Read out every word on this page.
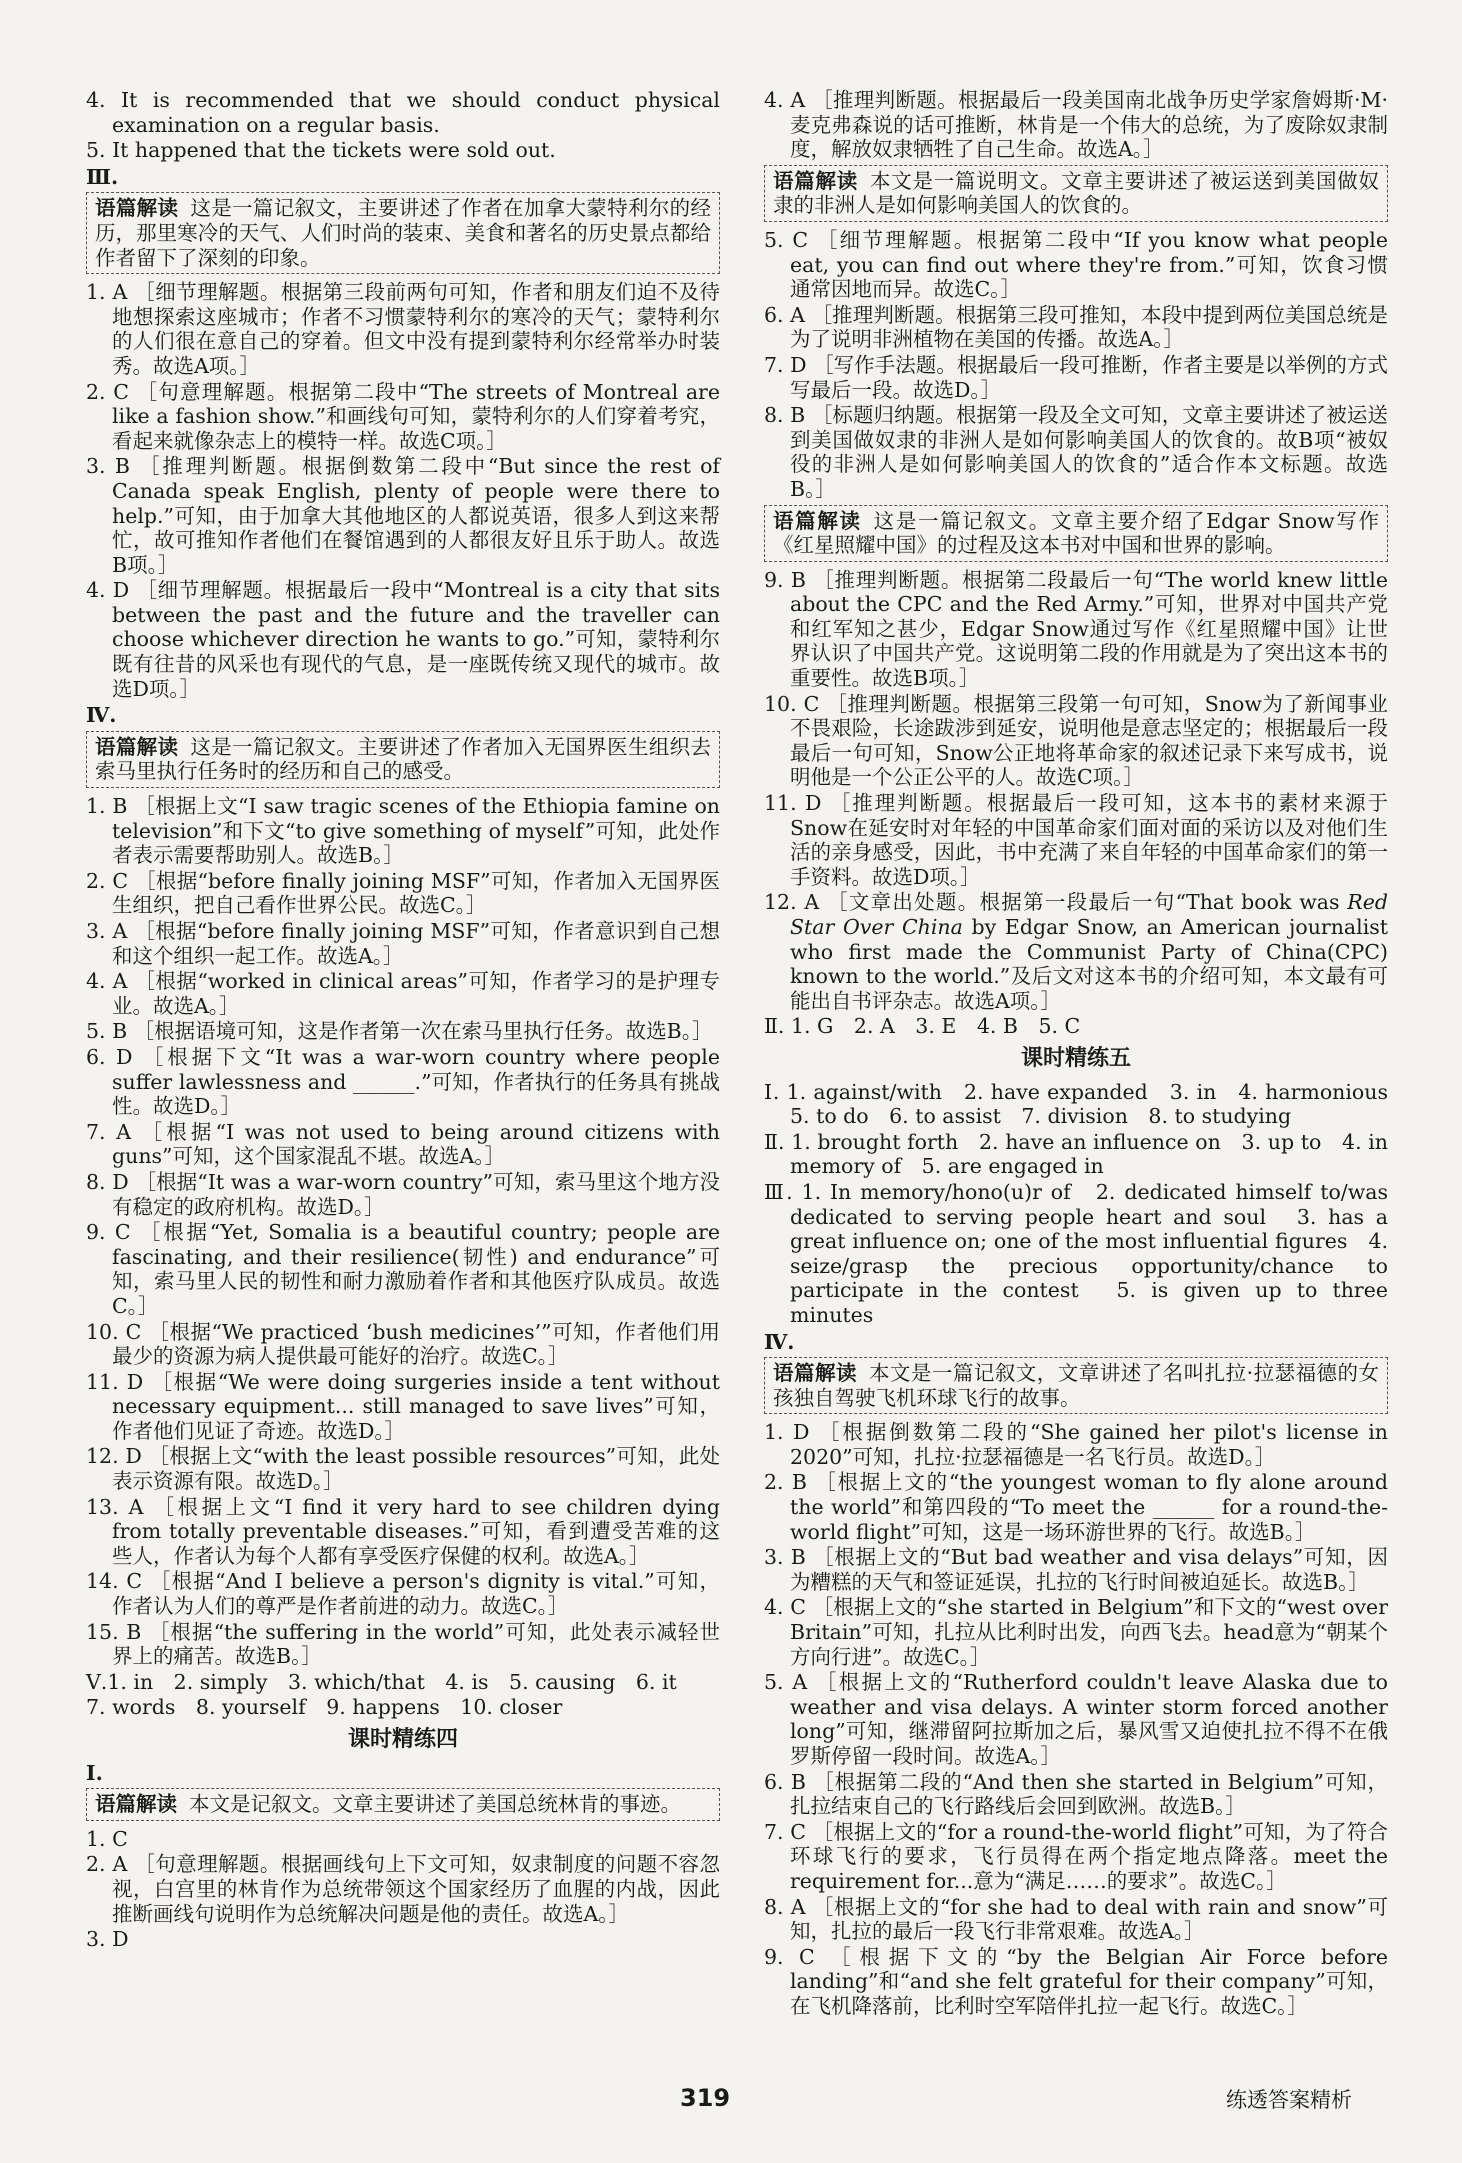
4. It is recommended that we should conduct physical examination on a regular basis.

5. It happened that the tickets were sold out.

Ⅲ.

语篇解读 这是一篇记叙文，主要讲述了作者在加拿大蒙特利尔的经历，那里寒冷的天气、人们时尚的装束、美食和著名的历史景点都给作者留下了深刻的印象。

1. A ［细节理解题。根据第三段前两句可知，作者和朋友们迫不及待地想探索这座城市；作者不习惯蒙特利尔的寒冷的天气；蒙特利尔的人们很在意自己的穿着。但文中没有提到蒙特利尔经常举办时装秀。故选A项。］

2. C ［句意理解题。根据第二段中“The streets of Montreal are like a fashion show.”和画线句可知，蒙特利尔的人们穿着考究，看起来就像杂志上的模特一样。故选C项。］

3. B ［推理判断题。根据倒数第二段中“But since the rest of Canada speak English, plenty of people were there to help.”可知，由于加拿大其他地区的人都说英语，很多人到这来帮忙，故可推知作者他们在餐馆遇到的人都很友好且乐于助人。故选B项。］

4. D ［细节理解题。根据最后一段中“Montreal is a city that sits between the past and the future and the traveller can choose whichever direction he wants to go.”可知，蒙特利尔既有往昔的风采也有现代的气息，是一座既传统又现代的城市。故选D项。］

Ⅳ.

语篇解读 这是一篇记叙文。主要讲述了作者加入无国界医生组织去索马里执行任务时的经历和自己的感受。

1. B ［根据上文“I saw tragic scenes of the Ethiopia famine on television”和下文“to give something of myself”可知，此处作者表示需要帮助别人。故选B。］

2. C ［根据“before finally joining MSF”可知，作者加入无国界医生组织，把自己看作世界公民。故选C。］

3. A ［根据“before finally joining MSF”可知，作者意识到自己想和这个组织一起工作。故选A。］

4. A ［根据“worked in clinical areas”可知，作者学习的是护理专业。故选A。］

5. B ［根据语境可知，这是作者第一次在索马里执行任务。故选B。］

6. D ［根据下文“It was a war-worn country where people suffer lawlessness and ______.”可知，作者执行的任务具有挑战性。故选D。］

7. A ［根据“I was not used to being around citizens with guns”可知，这个国家混乱不堪。故选A。］

8. D ［根据“It was a war-worn country”可知，索马里这个地方没有稳定的政府机构。故选D。］

9. C ［根据“Yet, Somalia is a beautiful country; people are fascinating, and their resilience(韧性) and endurance”可知，索马里人民的韧性和耐力激励着作者和其他医疗队成员。故选C。］

10. C ［根据“We practiced ‘bush medicines’”可知，作者他们用最少的资源为病人提供最可能好的治疗。故选C。］

11. D ［根据“We were doing surgeries inside a tent without necessary equipment... still managed to save lives”可知，作者他们见证了奇迹。故选D。］

12. D ［根据上文“with the least possible resources”可知，此处表示资源有限。故选D。］

13. A ［根据上文“I find it very hard to see children dying from totally preventable diseases.”可知，看到遭受苦难的这些人，作者认为每个人都有享受医疗保健的权利。故选A。］

14. C ［根据“And I believe a person's dignity is vital.”可知，作者认为人们的尊严是作者前进的动力。故选C。］

15. B ［根据“the suffering in the world”可知，此处表示减轻世界上的痛苦。故选B。］

Ⅴ.1. in　2. simply　3. which/that　4. is　5. causing　6. it

7. words　8. yourself　9. happens　10. closer

课时精练四

Ⅰ.

语篇解读 本文是记叙文。文章主要讲述了美国总统林肯的事迹。

1. C

2. A ［句意理解题。根据画线句上下文可知，奴隶制度的问题不容忽视，白宫里的林肯作为总统带领这个国家经历了血腥的内战，因此推断画线句说明作为总统解决问题是他的责任。故选A。］

3. D

4. A ［推理判断题。根据最后一段美国南北战争历史学家詹姆斯·M·麦克弗森说的话可推断，林肯是一个伟大的总统，为了废除奴隶制度，解放奴隶牺牲了自己生命。故选A。］

语篇解读 本文是一篇说明文。文章主要讲述了被运送到美国做奴隶的非洲人是如何影响美国人的饮食的。

5. C ［细节理解题。根据第二段中“If you know what people eat, you can find out where they're from.”可知，饮食习惯通常因地而异。故选C。］

6. A ［推理判断题。根据第三段可推知，本段中提到两位美国总统是为了说明非洲植物在美国的传播。故选A。］

7. D ［写作手法题。根据最后一段可推断，作者主要是以举例的方式写最后一段。故选D。］

8. B ［标题归纳题。根据第一段及全文可知，文章主要讲述了被运送到美国做奴隶的非洲人是如何影响美国人的饮食的。故B项“被奴役的非洲人是如何影响美国人的饮食的”适合作本文标题。故选B。］

语篇解读 这是一篇记叙文。文章主要介绍了Edgar Snow写作《红星照耀中国》的过程及这本书对中国和世界的影响。

9. B ［推理判断题。根据第二段最后一句“The world knew little about the CPC and the Red Army.”可知，世界对中国共产党和红军知之甚少，Edgar Snow通过写作《红星照耀中国》让世界认识了中国共产党。这说明第二段的作用就是为了突出这本书的重要性。故选B项。］

10. C ［推理判断题。根据第三段第一句可知，Snow为了新闻事业不畏艰险，长途跋涉到延安，说明他是意志坚定的；根据最后一段最后一句可知，Snow公正地将革命家的叙述记录下来写成书，说明他是一个公正公平的人。故选C项。］

11. D ［推理判断题。根据最后一段可知，这本书的素材来源于Snow在延安时对年轻的中国革命家们面对面的采访以及对他们生活的亲身感受，因此，书中充满了来自年轻的中国革命家们的第一手资料。故选D项。］

12. A ［文章出处题。根据第一段最后一句“That book was Red Star Over China by Edgar Snow, an American journalist who first made the Communist Party of China(CPC) known to the world.”及后文对这本书的介绍可知，本文最有可能出自书评杂志。故选A项。］

Ⅱ. 1. G　2. A　3. E　4. B　5. C

课时精练五

Ⅰ. 1. against/with　2. have expanded　3. in　4. harmonious　5. to do　6. to assist　7. division　8. to studying

Ⅱ. 1. brought forth　2. have an influence on　3. up to　4. in memory of　5. are engaged in

Ⅲ. 1. In memory/hono(u)r of　2. dedicated himself to/was dedicated to serving people heart and soul　3. has a great influence on; one of the most influential figures　4. seize/grasp the precious opportunity/chance to participate in the contest　5. is given up to three minutes

Ⅳ.

语篇解读 本文是一篇记叙文，文章讲述了名叫扎拉·拉瑟福德的女孩独自驾驶飞机环球飞行的故事。

1. D ［根据倒数第二段的“She gained her pilot's license in 2020”可知，扎拉·拉瑟福德是一名飞行员。故选D。］

2. B ［根据上文的“the youngest woman to fly alone around the world”和第四段的“To meet the ______ for a round-the-world flight”可知，这是一场环游世界的飞行。故选B。］

3. B ［根据上文的“But bad weather and visa delays”可知，因为糟糕的天气和签证延误，扎拉的飞行时间被迫延长。故选B。］

4. C ［根据上文的“she started in Belgium”和下文的“west over Britain”可知，扎拉从比利时出发，向西飞去。head意为“朝某个方向行进”。故选C。］

5. A ［根据上文的“Rutherford couldn't leave Alaska due to weather and visa delays. A winter storm forced another long”可知，继滞留阿拉斯加之后，暴风雪又迫使扎拉不得不在俄罗斯停留一段时间。故选A。］

6. B ［根据第二段的“And then she started in Belgium”可知，扎拉结束自己的飞行路线后会回到欧洲。故选B。］

7. C ［根据上文的“for a round-the-world flight”可知，为了符合环球飞行的要求，飞行员得在两个指定地点降落。meet the requirement for...意为“满足……的要求”。故选C。］

8. A ［根据上文的“for she had to deal with rain and snow”可知，扎拉的最后一段飞行非常艰难。故选A。］

9. C ［根据下文的“by the Belgian Air Force before landing”和“and she felt grateful for their company”可知，在飞机降落前，比利时空军陪伴扎拉一起飞行。故选C。］

319	练透答案精析
